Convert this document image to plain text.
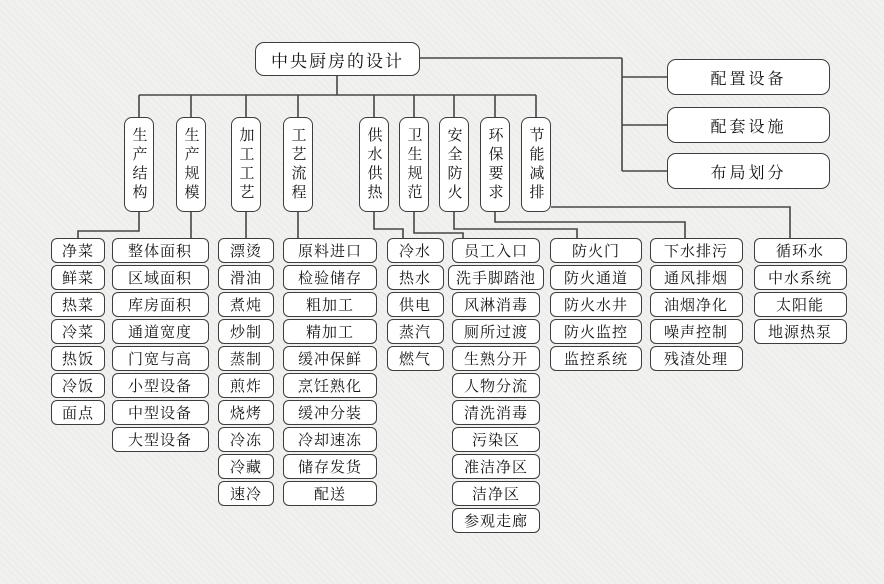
中央厨房的设计
配置设备
配套设施
布局划分
生产结构	生产规模	加工工艺	工艺流程	供水供热	卫生规范	安全防火	环保要求	节能减排
净菜
鲜菜
热菜
冷菜
热饭
冷饭
面点
整体面积
区域面积
库房面积
通道宽度
门宽与高
小型设备
中型设备
大型设备
漂烫
滑油
煮炖
炒制
蒸制
煎炸
烧烤
冷冻
冷藏
速冷
原料进口
检验储存
粗加工
精加工
缓冲保鲜
烹饪熟化
缓冲分装
冷却速冻
储存发货
配送
冷水
热水
供电
蒸汽
燃气
员工入口
洗手脚踏池
风淋消毒
厕所过渡
生熟分开
人物分流
清洗消毒
污染区
准洁净区
洁净区
参观走廊
防火门
防火通道
防火水井
防火监控
监控系统
下水排污
通风排烟
油烟净化
噪声控制
残渣处理
循环水
中水系统
太阳能
地源热泵
